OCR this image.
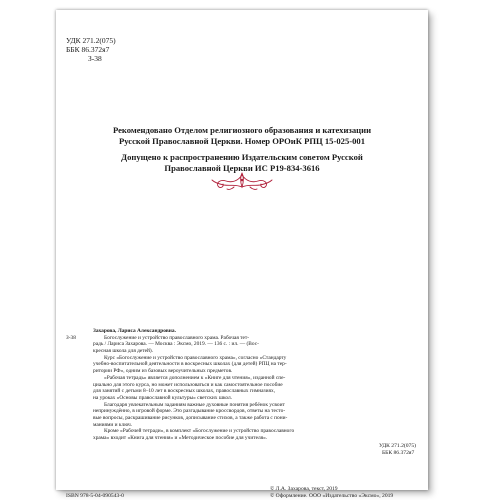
УДК 271.2(075)
ББК 86.372я7
З-38
Рекомендовано Отделом религиозного образования и катехизации
Русской Православной Церкви. Номер ОРОиК РПЦ 15-025-001
Допущено к распространению Издательским советом Русской
Православной Церкви ИС Р19-834-3616
Захарова, Лариса Александровна.
З-38	Богослужение и устройство православного храма. Рабочая тет-
радь / Лариса Захарова. — Москва : Эксмо, 2019. — 136 с. : ил. — (Вос-
кресная школа для детей).
Курс «Богослужение и устройство православного храма», согласно «Стандарту
учебно-воспитательной деятельности в воскресных школах (для детей) РПЦ на тер-
ритории РФ», одним из базовых вероучительных предметов.
«Рабочая тетрадь» является дополнением к «Книге для чтения», изданной спе-
циально для этого курса, но может использоваться и как самостоятельное пособие
для занятий с детьми 8–10 лет в воскресных школах, православных гимназиях,
на уроках «Основы православной культуры» светских школ.
Благодаря увлекательным заданиям важные духовные понятия ребёнок усвоит
непринуждённо, в игровой форме. Это разгадывание кроссвордов, ответы на тесто-
вые вопросы, раскрашивание рисунков, дописывание стихов, а также работа с пони-
маниями и ключ.
Кроме «Рабочей тетради», в комплект «Богослужение и устройство православного
храма» входит «Книга для чтения» и «Методическое пособие для учителя».
УДК 271.2(075)
ББК 86.372я7
ISBN 978-5-04-090543-0
© Л.А. Захарова, текст, 2019
© Оформление. ООО «Издательство «Эксмо», 2019
